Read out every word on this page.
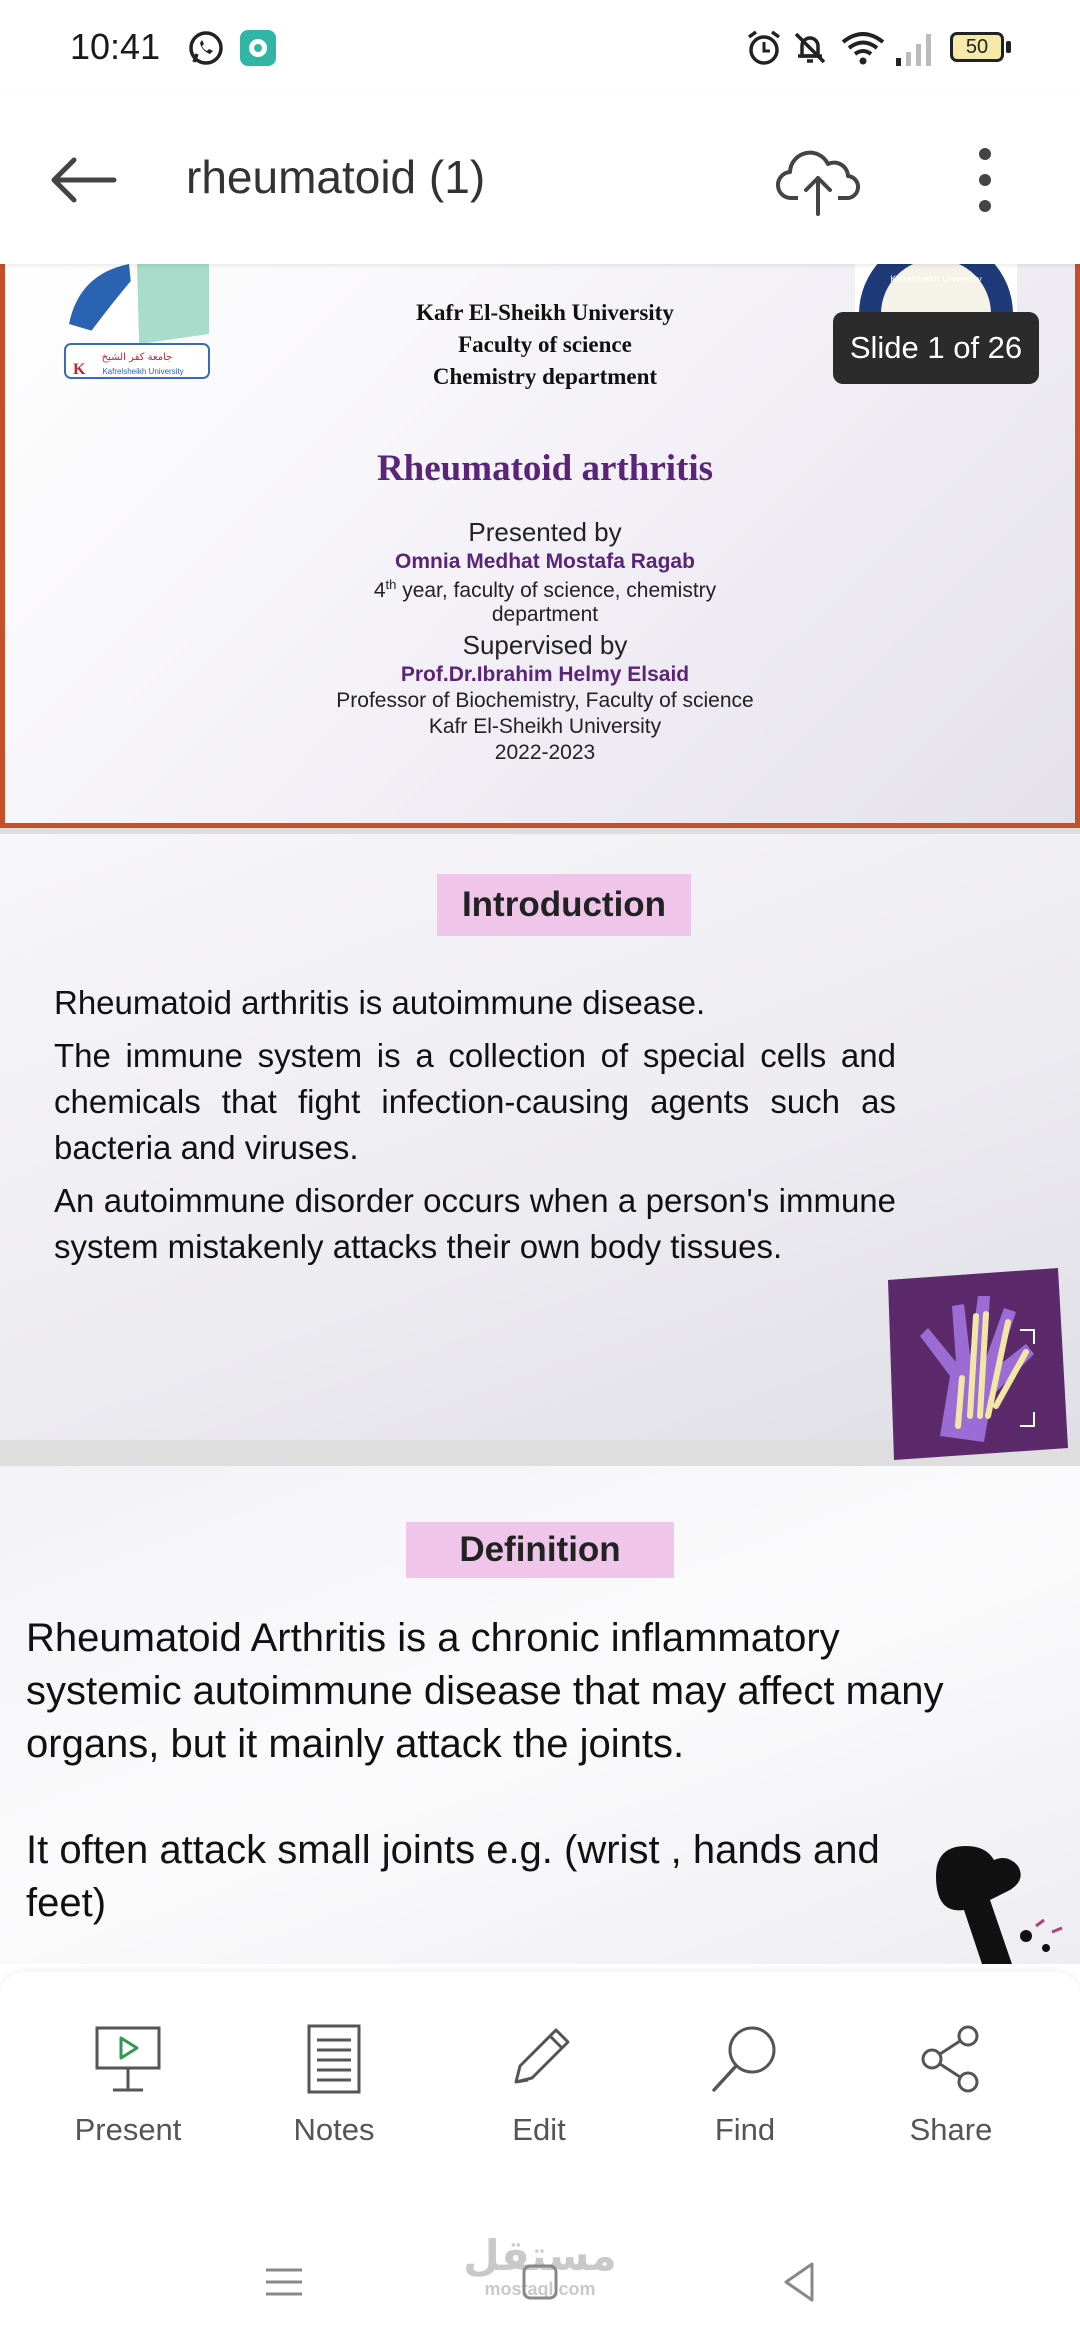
10:41	50
rheumatoid (1)
جامعة كفر الشيخ
K Kafrelsheikh University
Kafr El-Sheikh University
Faculty of science
Chemistry department
Kafrelsheikh University
Slide 1 of 26
Rheumatoid arthritis
Presented by
Omnia Medhat Mostafa Ragab
4th year, faculty of science, chemistry
department
Supervised by
Prof.Dr.Ibrahim Helmy Elsaid
Professor of Biochemistry, Faculty of science
Kafr El-Sheikh University
2022-2023
Introduction
Rheumatoid arthritis is autoimmune disease.
The immune system is a collection of special cells and chemicals that fight infection-causing agents such as bacteria and viruses.
An autoimmune disorder occurs when a person's immune system mistakenly attacks their own body tissues.
Definition
Rheumatoid Arthritis is a chronic inflammatory systemic autoimmune disease that may affect many organs, but it mainly attack the joints.
It often attack small joints e.g. (wrist , hands and feet)
Present	Notes	Edit	Find	Share
مستقل
mostaql.com
